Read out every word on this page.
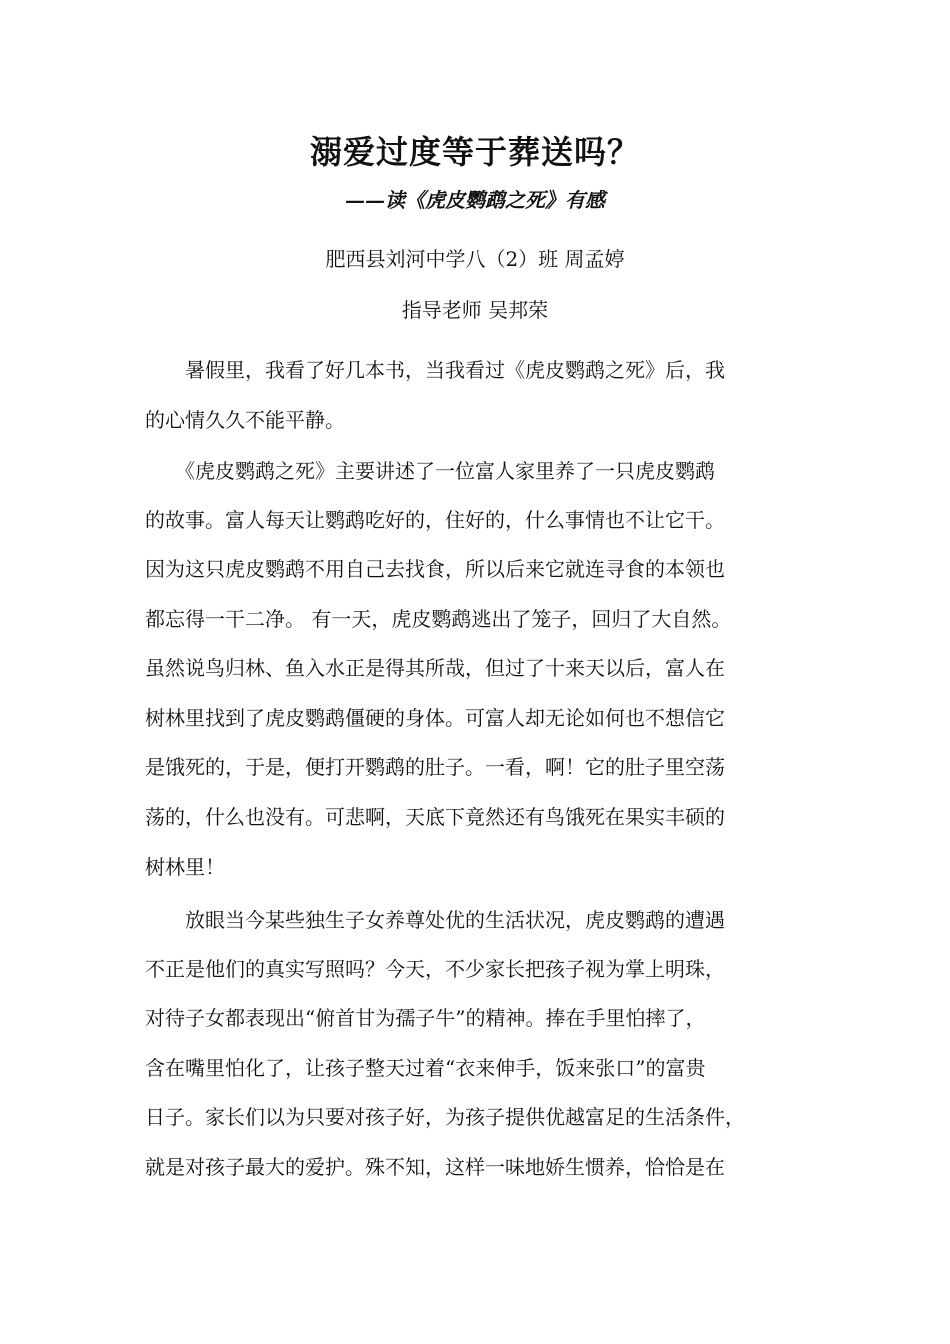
溺爱过度等于葬送吗？
——读《虎皮鹦鹉之死》有感
肥西县刘河中学八（2）班 周孟婷
指导老师 吴邦荣
　　暑假里，我看了好几本书，当我看过《虎皮鹦鹉之死》后，我
的心情久久不能平静。
　　《虎皮鹦鹉之死》主要讲述了一位富人家里养了一只虎皮鹦鹉
的故事。富人每天让鹦鹉吃好的，住好的，什么事情也不让它干。
因为这只虎皮鹦鹉不用自己去找食，所以后来它就连寻食的本领也
都忘得一干二净。 有一天，虎皮鹦鹉逃出了笼子，回归了大自然。
虽然说鸟归林、鱼入水正是得其所哉，但过了十来天以后，富人在
树林里找到了虎皮鹦鹉僵硬的身体。可富人却无论如何也不想信它
是饿死的，于是，便打开鹦鹉的肚子。一看，啊！它的肚子里空荡
荡的，什么也没有。可悲啊，天底下竟然还有鸟饿死在果实丰硕的
树林里！
　　放眼当今某些独生子女养尊处优的生活状况，虎皮鹦鹉的遭遇
不正是他们的真实写照吗？今天，不少家长把孩子视为掌上明珠，
对待子女都表现出“俯首甘为孺子牛”的精神。捧在手里怕摔了，
含在嘴里怕化了，让孩子整天过着“衣来伸手，饭来张口”的富贵
日子。家长们以为只要对孩子好，为孩子提供优越富足的生活条件，
就是对孩子最大的爱护。殊不知，这样一味地娇生惯养，恰恰是在
